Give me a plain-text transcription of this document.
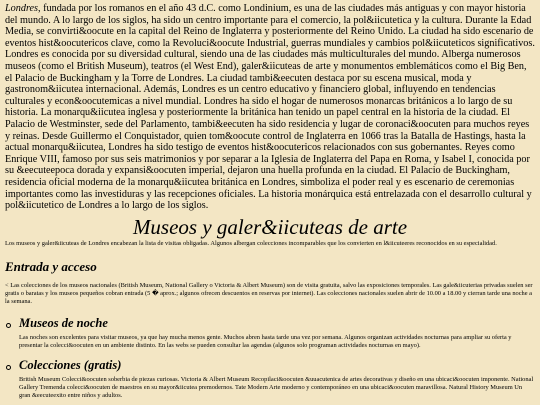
Londres, fundada por los romanos en el año 43 d.C. como Londinium, es una de las ciudades más antiguas y con mayor historia del mundo. A lo largo de los siglos, ha sido un centro importante para el comercio, la pol&iicutetica y la cultura. Durante la Edad Media, se convirti&oocute en la capital del Reino de Inglaterra y posteriormente del Reino Unido. La ciudad ha sido escenario de eventos hist&oocutericos clave, como la Revoluci&oocute Industrial, guerras mundiales y cambios pol&iicuteticos significativos. Londres es conocida por su diversidad cultural, siendo una de las ciudades más multiculturales del mundo. Alberga numerosos museos (como el British Museum), teatros (el West End), galer&iicuteas de arte y monumentos emblemáticos como el Big Ben, el Palacio de Buckingham y la Torre de Londres. La ciudad tambi&eecuten destaca por su escena musical, moda y gastronom&iicutea internacional. Además, Londres es un centro educativo y financiero global, influyendo en tendencias culturales y econ&oocutemicas a nivel mundial. Londres ha sido el hogar de numerosos monarcas británicos a lo largo de su historia. La monarqu&iicutea inglesa y posteriormente la británica han tenido un papel central en la historia de la ciudad. El Palacio de Westminster, sede del Parlamento, tambi&eecuten ha sido residencia y lugar de coronaci&oocuten para muchos reyes y reinas. Desde Guillermo el Conquistador, quien tom&oocute control de Inglaterra en 1066 tras la Batalla de Hastings, hasta la actual monarqu&iicutea, Londres ha sido testigo de eventos hist&oocutericos relacionados con sus gobernantes. Reyes como Enrique VIII, famoso por sus seis matrimonios y por separar a la Iglesia de Inglaterra del Papa en Roma, y Isabel I, conocida por su &eecuteepoca dorada y expansi&oocuten imperial, dejaron una huella profunda en la ciudad. El Palacio de Buckingham, residencia oficial moderna de la monarqu&iicutea británica en Londres, simboliza el poder real y es escenario de ceremonias importantes como las investiduras y las recepciones oficiales. La historia monárquica está entrelazada con el desarrollo cultural y pol&iicutetico de Londres a lo largo de los siglos.

Museos y galer&iicuteas de arte

Los museos y galer&iicuteas de Londres encabezan la lista de visitas obligadas. Algunos albergan colecciones incomparables que los convierten en l&iicuteeres reconocidos en su especialidad.

Entrada y acceso

< Las colecciones de los museos nacionales (British Museum, National Gallery o Victoria & Albert Museum) son de visita gratuita, salvo las exposiciones temporales. Las gale&iicuterias privadas suelen ser gratis o baratas y los museos pequeños cobran entrada (5 � aprox.; algunos ofrecen descuentos en reservas por internet). Las colecciones nacionales suelen abrir de 10.00 a 18.00 y cierran tarde una noche a la semana.

Museos de noche

Las noches son excelentes para visitar museos, ya que hay mucha menos gente. Muchos abren hasta tarde una vez por semana. Algunos organizan actividades nocturnas para ampliar su oferta y presentar la colecci&oocuten en un ambiente distinto. En las webs se pueden consultar las agendas (algunos solo programan actividades nocturnas en mayo).

Colecciones (gratis)

British Museum Colecci&oocuten soberbia de piezas curiosas. Victoria & Albert Museum Recopilaci&oocuten &uuacutenica de artes decorativas y diseño en una ubicaci&oocuten imponente. National Gallery Tremenda colecci&oocuten de maestros en su mayor&iicutea premodernos. Tate Modern Arte moderno y contemporáneo en una ubicaci&oocuten maravillosa. Natural History Museum Un gran &eecuteexito entre niños y adultos.
